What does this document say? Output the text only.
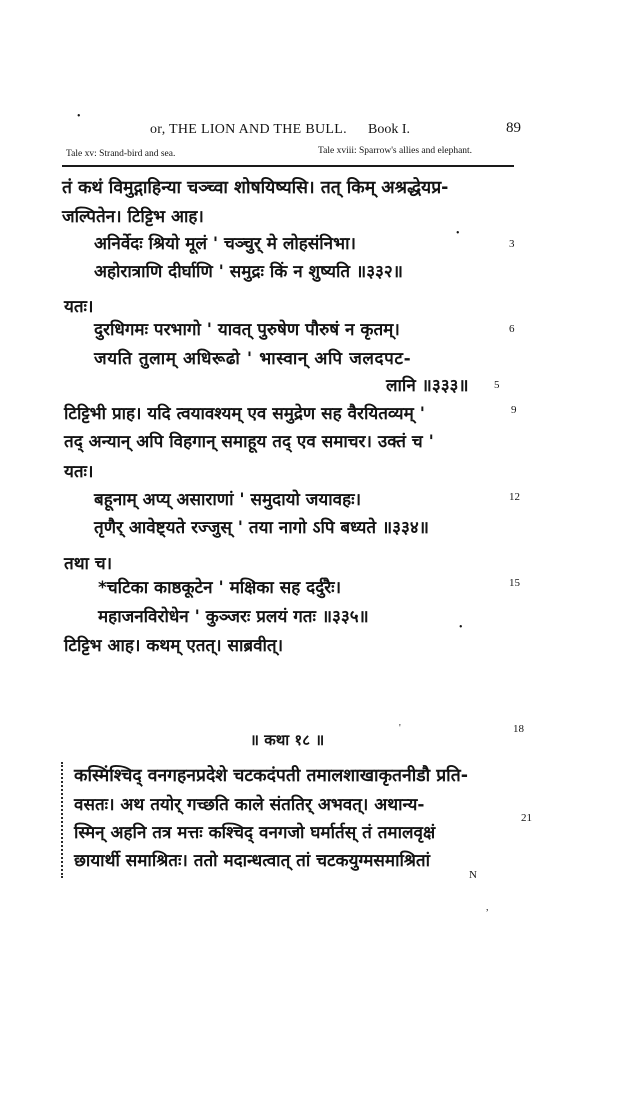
or, THE LION AND THE BULL. Book I.	89
Tale xv: Strand-bird and sea.	Tale xviii: Sparrow's allies and elephant.
तं कथं विमुद्गाहिन्या चञ्च्वा शोषयिष्यसि। तत् किम् अश्रद्धेयप्र-
जल्पितेन। टिट्टिभ आह।
अनिर्वेदः श्रियो मूलं ' चञ्चुर् मे लोहसंनिभा।
अहोरात्राणि दीर्घाणि ' समुद्रः किं न शुष्यति ॥३३२॥
यतः।
दुरधिगमः परभागो ' यावत् पुरुषेण पौरुषं न कृतम्।
जयति तुलाम् अधिरूढो ' भास्वान् अपि जलदपट-
लानि ॥३३३॥
टिट्टिभी प्राह। यदि त्वयावश्यम् एव समुद्रेण सह वैरयितव्यम् '
तद् अन्यान् अपि विहगान् समाहूय तद् एव समाचर। उक्तं च '
यतः।
बहूनाम् अप्य् असाराणां ' समुदायो जयावहः।
तृणैर् आवेष्ट्यते रज्जुस् ' तया नागो ऽपि बध्यते ॥३३४॥
तथा च।
*चटिका काष्ठकूटेन ' मक्षिका सह दर्दुरैः।
महाजनविरोधेन ' कुञ्जरः प्रलयं गतः ॥३३५॥
टिट्टिभ आह। कथम् एतत्। साब्रवीत्।
॥ कथा १८ ॥
कस्मिंश्चिद् वनगहनप्रदेशे चटकदंपती तमालशाखाकृतनीडौ प्रति-
वसतः। अथ तयोर् गच्छति काले संततिर् अभवत्। अथान्य-
स्मिन् अहनि तत्र मत्तः कश्चिद् वनगजो घर्मार्तस् तं तमालवृक्षं
छायार्थी समाश्रितः। ततो मदान्धत्वात् तां चटकयुग्मसमाश्रितां
3
6
9
12
15
18
21
5
N
•
•
•
'
,
